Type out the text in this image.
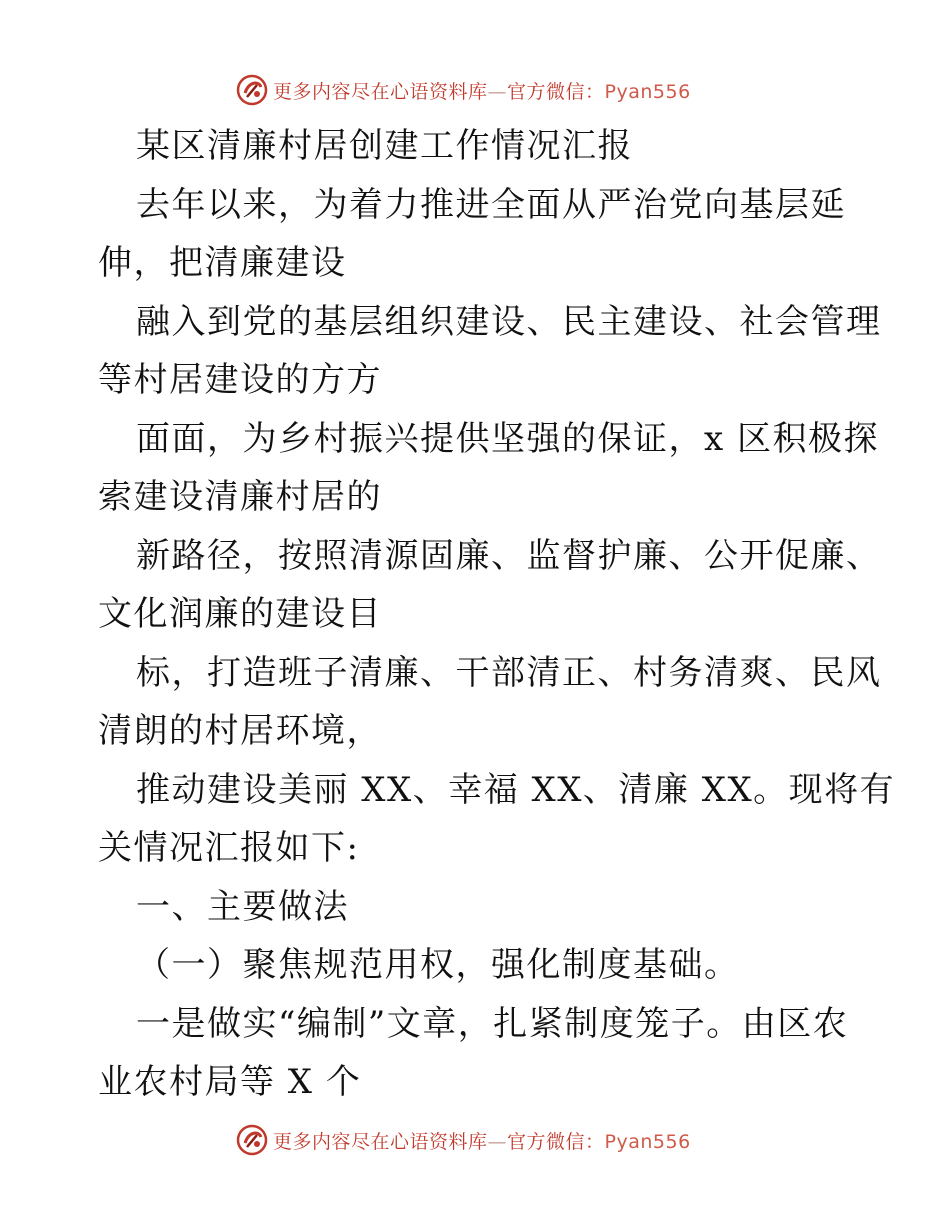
更多内容尽在心语资料库—官方微信：Pyan556
某区清廉村居创建工作情况汇报
去年以来，为着力推进全面从严治党向基层延
伸，把清廉建设
融入到党的基层组织建设、民主建设、社会管理
等村居建设的方方
面面，为乡村振兴提供坚强的保证，x 区积极探
索建设清廉村居的
新路径，按照清源固廉、监督护廉、公开促廉、
文化润廉的建设目
标，打造班子清廉、干部清正、村务清爽、民风
清朗的村居环境，
推动建设美丽 XX、幸福 XX、清廉 XX。现将有
关情况汇报如下:
一、主要做法
（一）聚焦规范用权，强化制度基础。
一是做实“编制”文章，扎紧制度笼子。由区农
业农村局等 X 个
更多内容尽在心语资料库—官方微信：Pyan556
